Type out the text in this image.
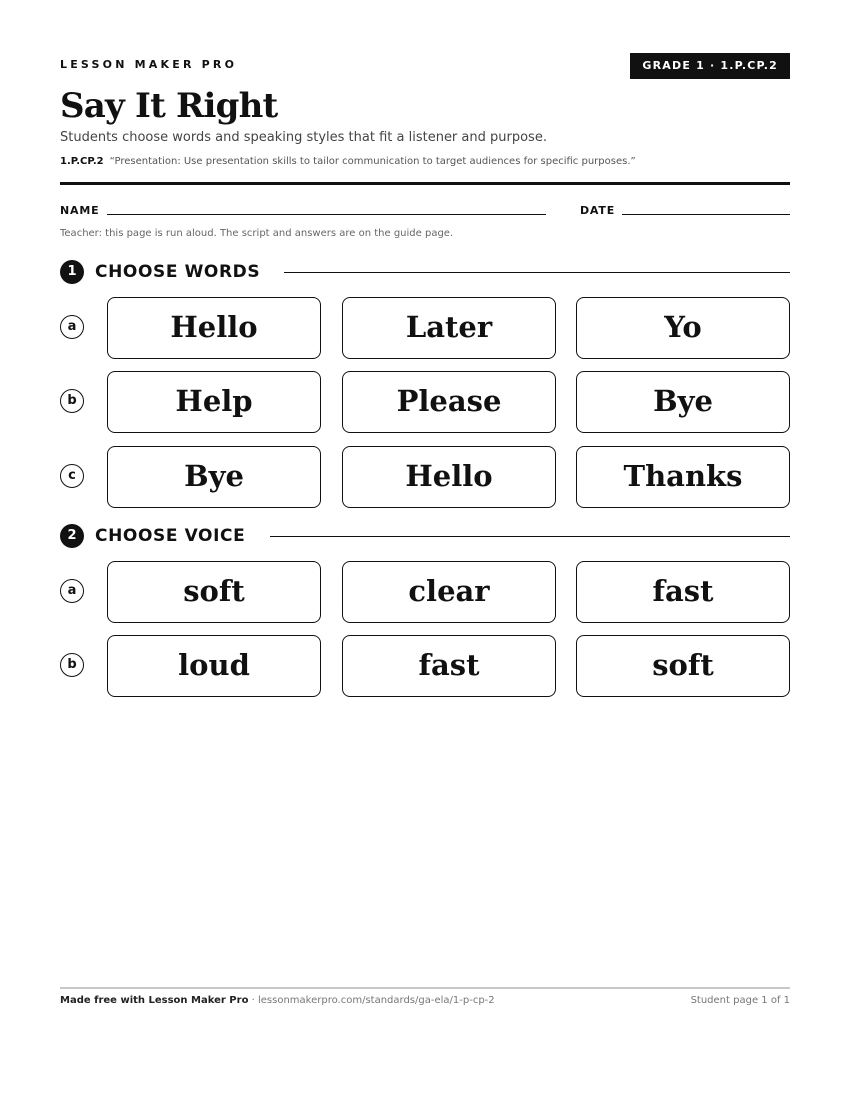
LESSON MAKER PRO	GRADE 1 · 1.P.CP.2
Say It Right
Students choose words and speaking styles that fit a listener and purpose.
1.P.CP.2 “Presentation: Use presentation skills to tailor communication to target audiences for specific purposes.”
NAME	DATE
Teacher: this page is run aloud. The script and answers are on the guide page.
1	CHOOSE WORDS
a	Hello	Later	Yo
b	Help	Please	Bye
c	Bye	Hello	Thanks
2	CHOOSE VOICE
a	soft	clear	fast
b	loud	fast	soft
Made free with Lesson Maker Pro · lessonmakerpro.com/standards/ga-ela/1-p-cp-2	Student page 1 of 1
